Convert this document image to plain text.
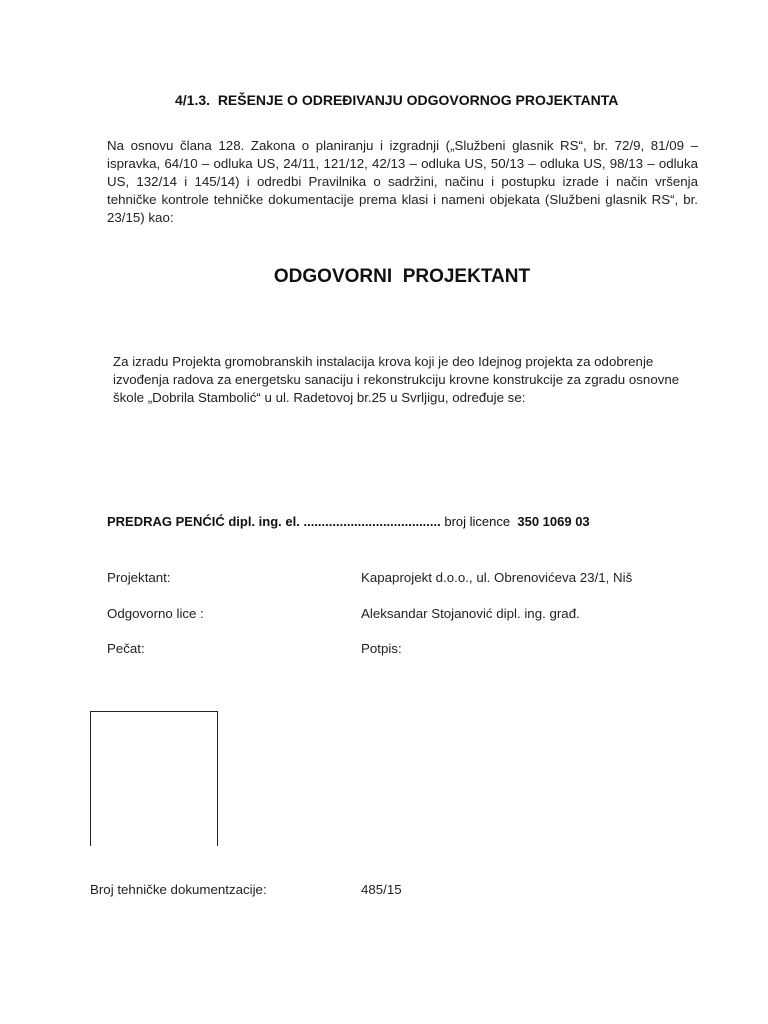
4/1.3. REŠENJE O ODREĐIVANJU ODGOVORNOG PROJEKTANTA
Na osnovu člana 128. Zakona o planiranju i izgradnji („Službeni glasnik RS“, br. 72/9, 81/09 – ispravka, 64/10 – odluka US, 24/11, 121/12, 42/13 – odluka US, 50/13 – odluka US, 98/13 – odluka US, 132/14 i 145/14) i odredbi Pravilnika o sadržini, načinu i postupku izrade i način vršenja tehničke kontrole tehničke dokumentacije prema klasi i nameni objekata (Službeni glasnik RS“, br. 23/15) kao:
ODGOVORNI  PROJEKTANT
Za izradu Projekta gromobranskih instalacija krova koji je deo Idejnog projekta za odobrenje izvođenja radova za energetsku sanaciju i rekonstrukciju krovne konstrukcije za zgradu osnovne škole „Dobrila Stambolić“ u ul. Radetovoj br.25 u Svrljigu, određuje se:
PREDRAG PENĆIĆ dipl. ing. el. ...................................... broj licence 350 1069 03
Projektant:	Kapaprojekt d.o.o., ul. Obrenovićeva 23/1, Niš
Odgovorno lice :	Aleksandar Stojanović dipl. ing. građ.
Pečat:	Potpis:
Broj tehničke dokumentzacije:	485/15
